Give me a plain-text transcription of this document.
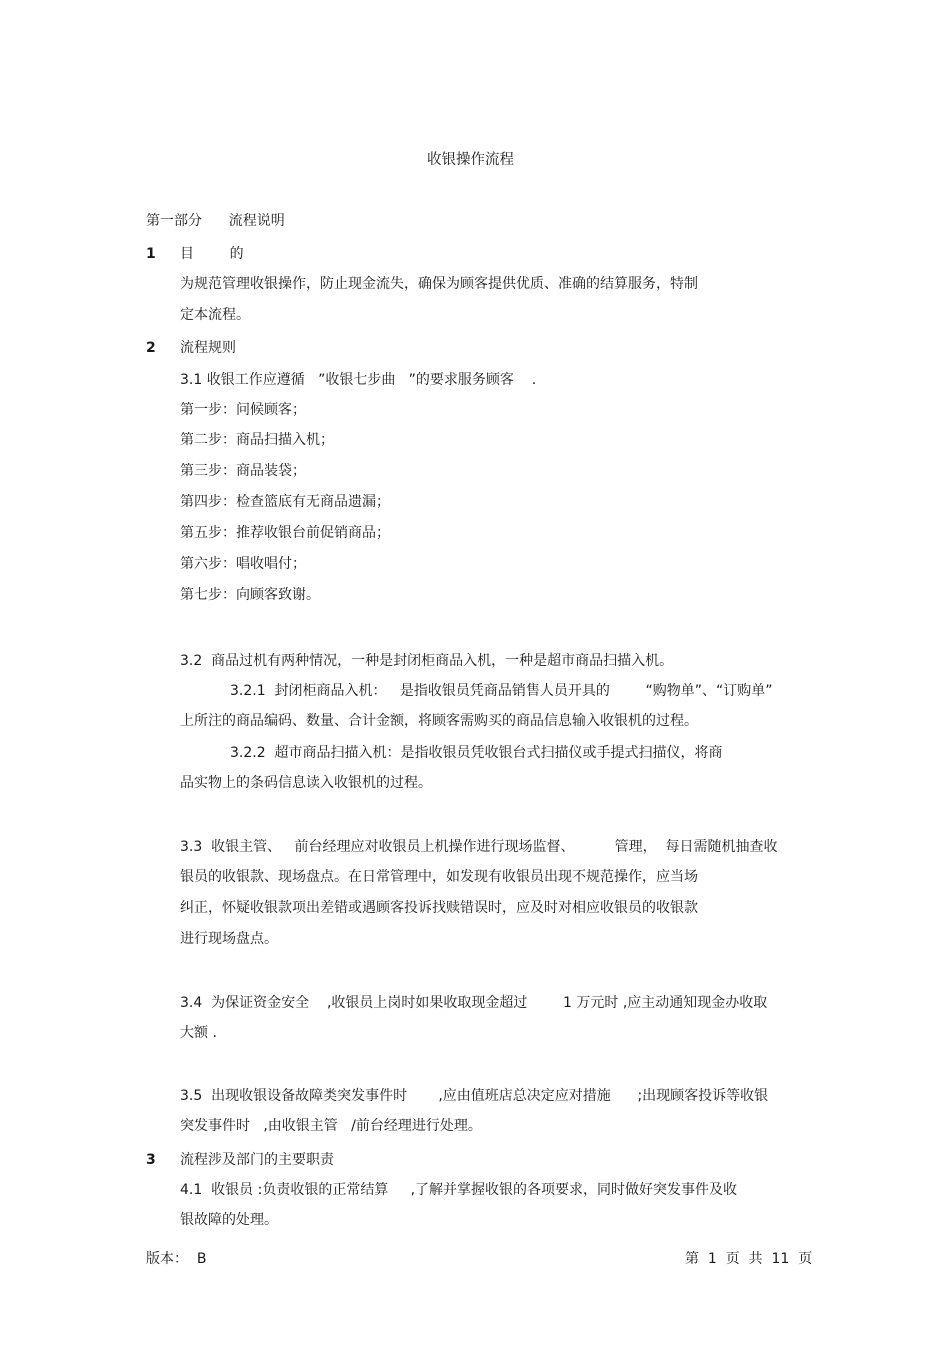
收银操作流程
第一部分      流程说明
1 目        的
为规范管理收银操作，防止现金流失，确保为顾客提供优质、准确的结算服务，特制
定本流程。
2 流程规则
3.1 收银工作应遵循   ”收银七步曲   ”的要求服务顾客    .
第一步：问候顾客；
第二步：商品扫描入机；
第三步：商品装袋；
第四步：检查篮底有无商品遗漏；
第五步：推荐收银台前促销商品；
第六步：唱收唱付；
第七步：向顾客致谢。
3.2  商品过机有两种情况，一种是封闭柜商品入机，一种是超市商品扫描入机。
3.2.1  封闭柜商品入机：   是指收银员凭商品销售人员开具的        “购物单”、“订购单”
上所注的商品编码、数量、合计金额，将顾客需购买的商品信息输入收银机的过程。
3.2.2  超市商品扫描入机：是指收银员凭收银台式扫描仪或手提式扫描仪，将商
品实物上的条码信息读入收银机的过程。
3.3  收银主管、   前台经理应对收银员上机操作进行现场监督、         管理，  每日需随机抽查收
银员的收银款、现场盘点。在日常管理中，如发现有收银员出现不规范操作，应当场
纠正，怀疑收银款项出差错或遇顾客投诉找赎错误时，应及时对相应收银员的收银款
进行现场盘点。
3.4  为保证资金安全    ,收银员上岗时如果收取现金超过        1 万元时 ,应主动通知现金办收取
大额 .
3.5  出现收银设备故障类突发事件时       ,应由值班店总决定应对措施      ;出现顾客投诉等收银
突发事件时   ,由收银主管   /前台经理进行处理。
3 流程涉及部门的主要职责
4.1  收银员 :负责收银的正常结算     ,了解并掌握收银的各项要求，同时做好突发事件及收
银故障的处理。
版本：  B	第  1  页  共  11  页
